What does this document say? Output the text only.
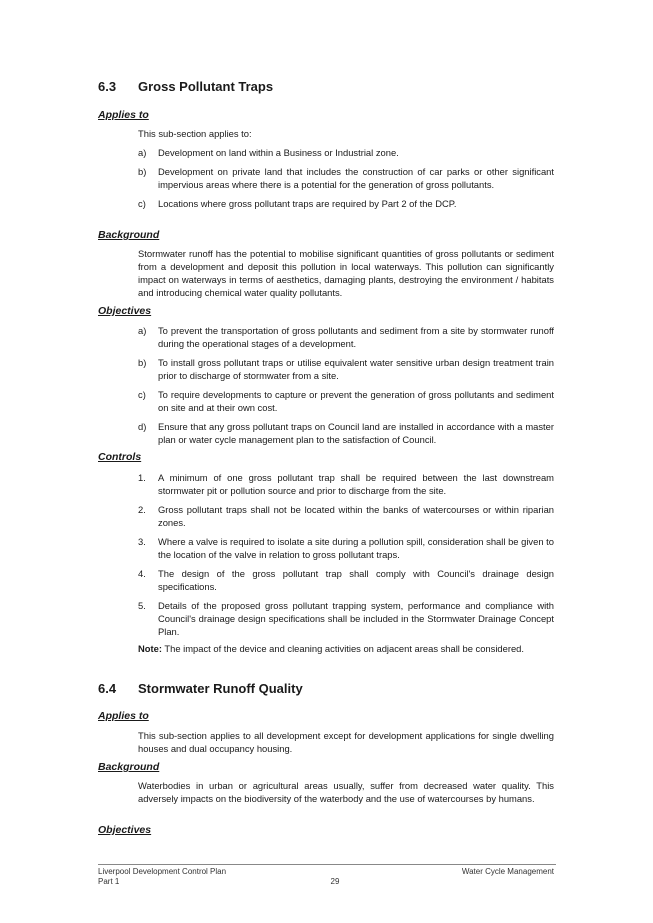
6.3 Gross Pollutant Traps

Applies to

This sub-section applies to:

a) Development on land within a Business or Industrial zone.
b) Development on private land that includes the construction of car parks or other significant impervious areas where there is a potential for the generation of gross pollutants.
c) Locations where gross pollutant traps are required by Part 2 of the DCP.

Background

Stormwater runoff has the potential to mobilise significant quantities of gross pollutants or sediment from a development and deposit this pollution in local waterways. This pollution can significantly impact on waterways in terms of aesthetics, damaging plants, destroying the environment / habitats and introducing chemical water quality pollutants.

Objectives

a) To prevent the transportation of gross pollutants and sediment from a site by stormwater runoff during the operational stages of a development.
b) To install gross pollutant traps or utilise equivalent water sensitive urban design treatment train prior to discharge of stormwater from a site.
c) To require developments to capture or prevent the generation of gross pollutants and sediment on site and at their own cost.
d) Ensure that any gross pollutant traps on Council land are installed in accordance with a master plan or water cycle management plan to the satisfaction of Council.

Controls

1. A minimum of one gross pollutant trap shall be required between the last downstream stormwater pit or pollution source and prior to discharge from the site.
2. Gross pollutant traps shall not be located within the banks of watercourses or within riparian zones.
3. Where a valve is required to isolate a site during a pollution spill, consideration shall be given to the location of the valve in relation to gross pollutant traps.
4. The design of the gross pollutant trap shall comply with Council's drainage design specifications.
5. Details of the proposed gross pollutant trapping system, performance and compliance with Council's drainage design specifications shall be included in the Stormwater Drainage Concept Plan.

Note: The impact of the device and cleaning activities on adjacent areas shall be considered.

6.4 Stormwater Runoff Quality

Applies to

This sub-section applies to all development except for development applications for single dwelling houses and dual occupancy housing.

Background

Waterbodies in urban or agricultural areas usually, suffer from decreased water quality. This adversely impacts on the biodiversity of the waterbody and the use of watercourses by humans.

Objectives

Liverpool Development Control Plan
Part 1	29
Water Cycle Management
